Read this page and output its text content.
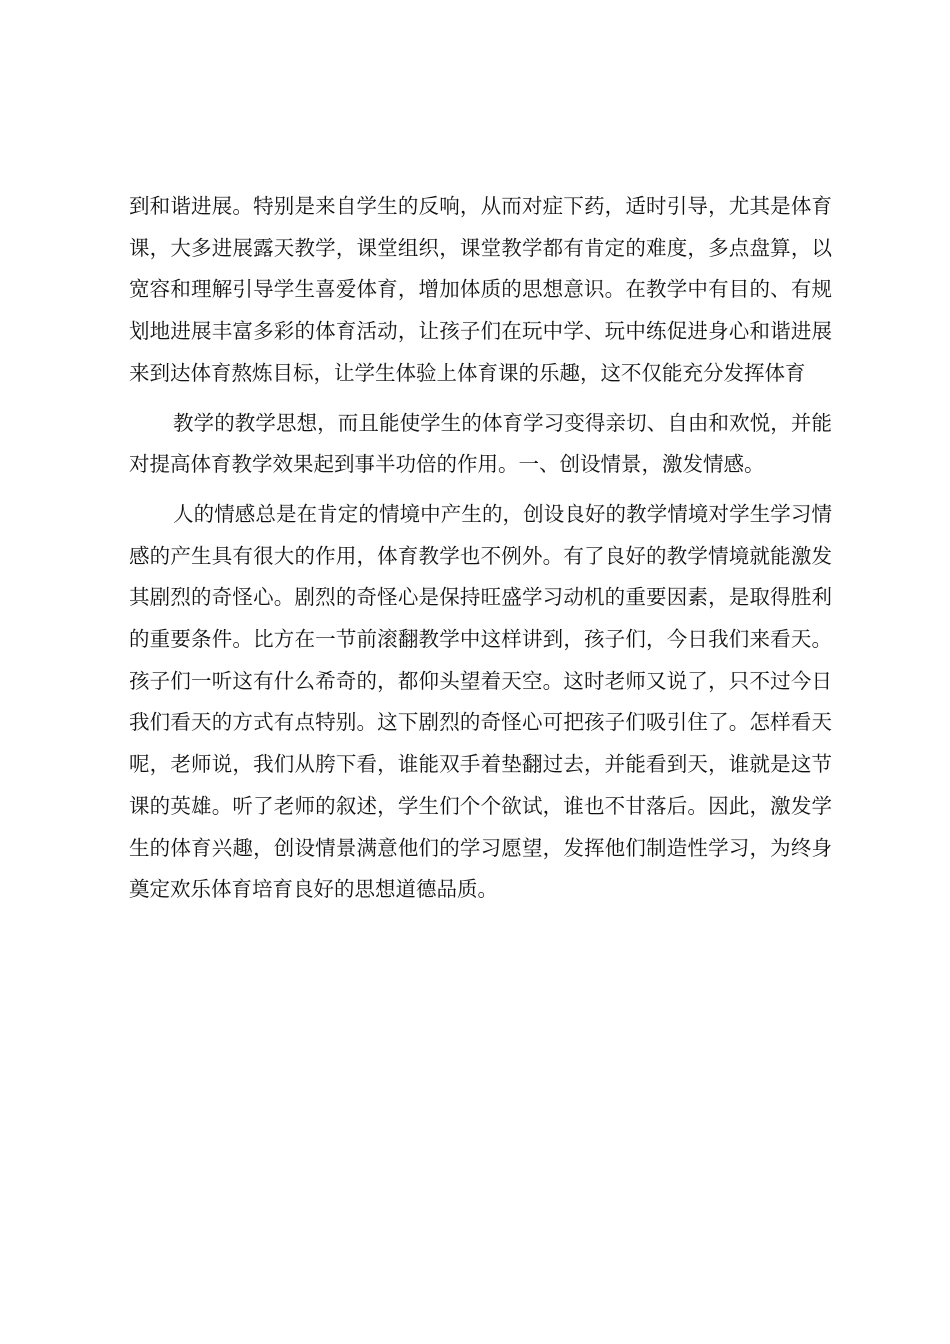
到和谐进展。特别是来自学生的反响，从而对症下药，适时引导，尤其是体育课，大多进展露天教学，课堂组织，课堂教学都有肯定的难度，多点盘算，以宽容和理解引导学生喜爱体育，增加体质的思想意识。在教学中有目的、有规划地进展丰富多彩的体育活动，让孩子们在玩中学、玩中练促进身心和谐进展来到达体育熬炼目标，让学生体验上体育课的乐趣，这不仅能充分发挥体育

教学的教学思想，而且能使学生的体育学习变得亲切、自由和欢悦，并能对提高体育教学效果起到事半功倍的作用。一、创设情景，激发情感。

人的情感总是在肯定的情境中产生的，创设良好的教学情境对学生学习情感的产生具有很大的作用，体育教学也不例外。有了良好的教学情境就能激发其剧烈的奇怪心。剧烈的奇怪心是保持旺盛学习动机的重要因素，是取得胜利的重要条件。比方在一节前滚翻教学中这样讲到，孩子们，今日我们来看天。孩子们一听这有什么希奇的，都仰头望着天空。这时老师又说了，只不过今日我们看天的方式有点特别。这下剧烈的奇怪心可把孩子们吸引住了。怎样看天呢，老师说，我们从胯下看，谁能双手着垫翻过去，并能看到天，谁就是这节课的英雄。听了老师的叙述，学生们个个欲试，谁也不甘落后。因此，激发学生的体育兴趣，创设情景满意他们的学习愿望，发挥他们制造性学习，为终身奠定欢乐体育培育良好的思想道德品质。
